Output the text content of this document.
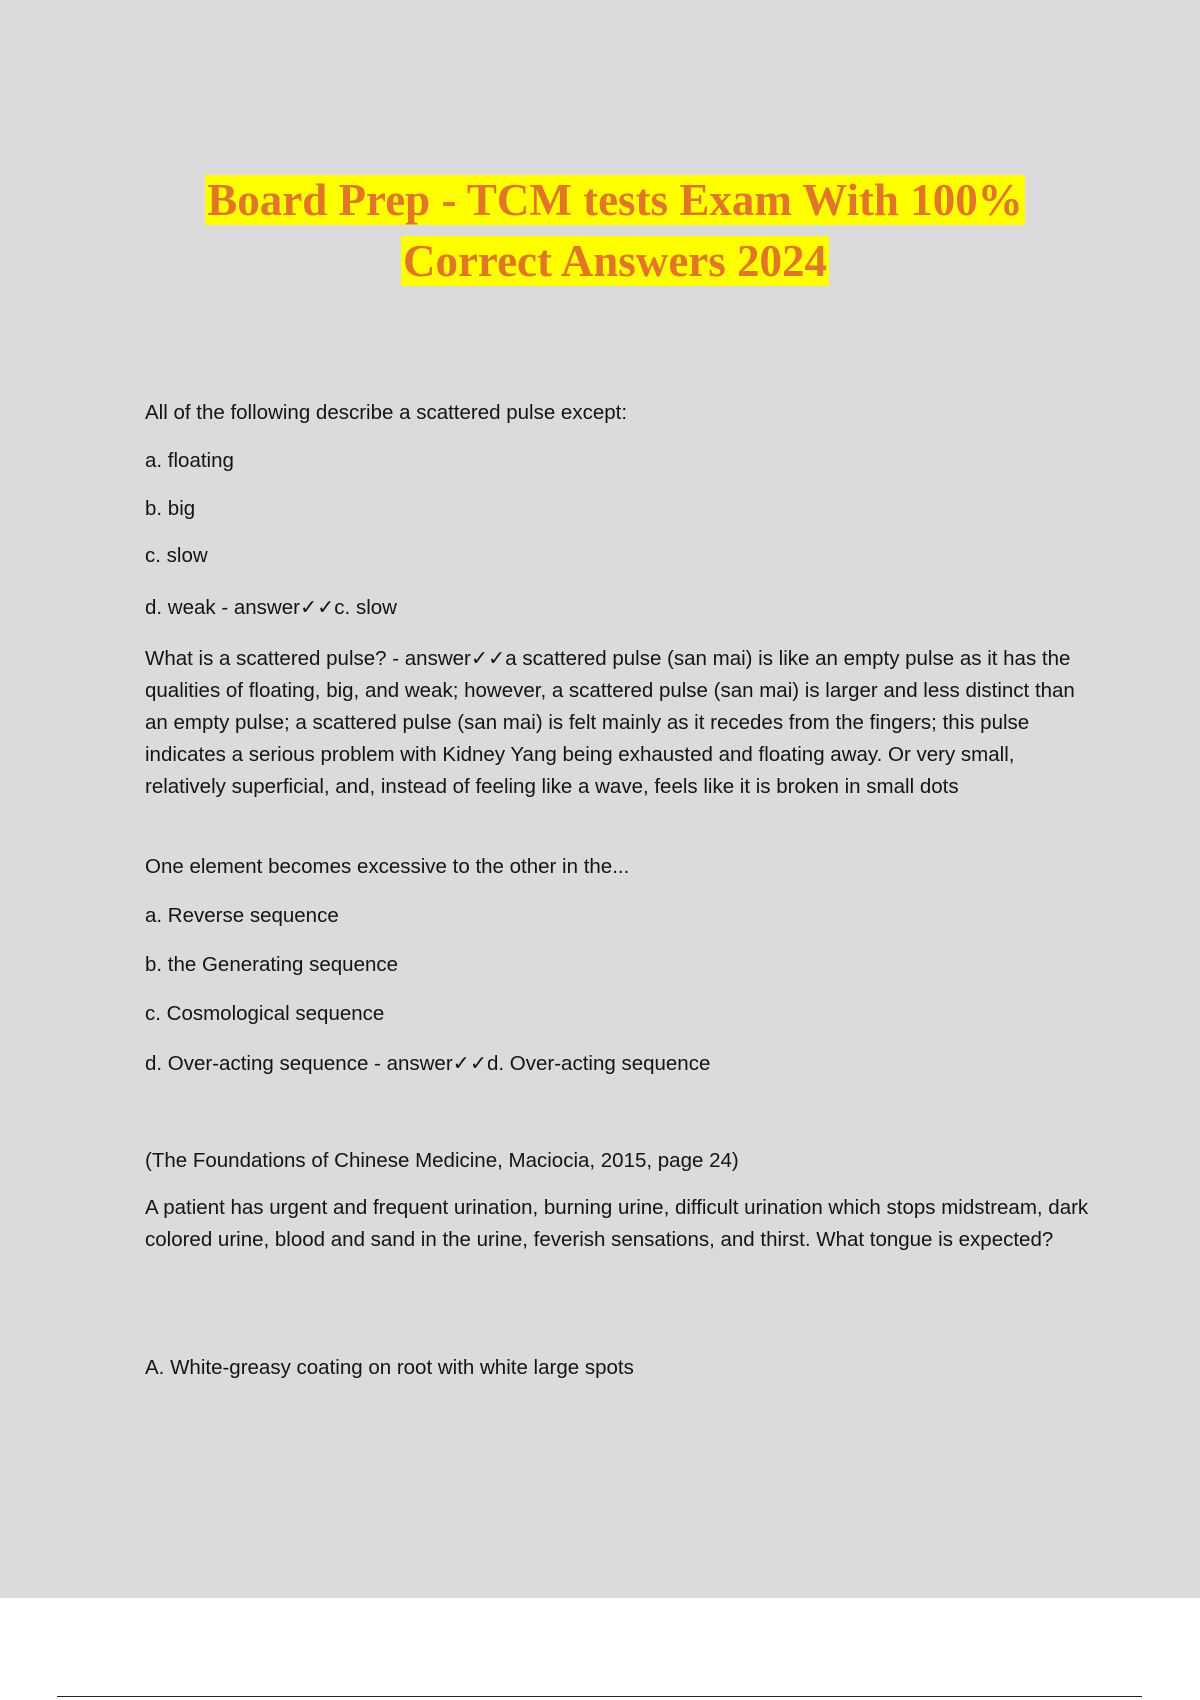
Board Prep - TCM tests Exam With 100%
Correct Answers 2024
All of the following describe a scattered pulse except:
a. floating
b. big
c. slow
d. weak - answer✓✓c. slow
What is a scattered pulse? - answer✓✓a scattered pulse (san mai) is like an empty pulse as it has the qualities of floating, big, and weak; however, a scattered pulse (san mai) is larger and less distinct than an empty pulse; a scattered pulse (san mai) is felt mainly as it recedes from the fingers; this pulse indicates a serious problem with Kidney Yang being exhausted and floating away. Or very small, relatively superficial, and, instead of feeling like a wave, feels like it is broken in small dots
One element becomes excessive to the other in the...
a. Reverse sequence
b. the Generating sequence
c. Cosmological sequence
d. Over-acting sequence - answer✓✓d. Over-acting sequence
(The Foundations of Chinese Medicine, Maciocia, 2015, page 24)
A patient has urgent and frequent urination, burning urine, difficult urination which stops midstream, dark colored urine, blood and sand in the urine, feverish sensations, and thirst. What tongue is expected?
A. White-greasy coating on root with white large spots
